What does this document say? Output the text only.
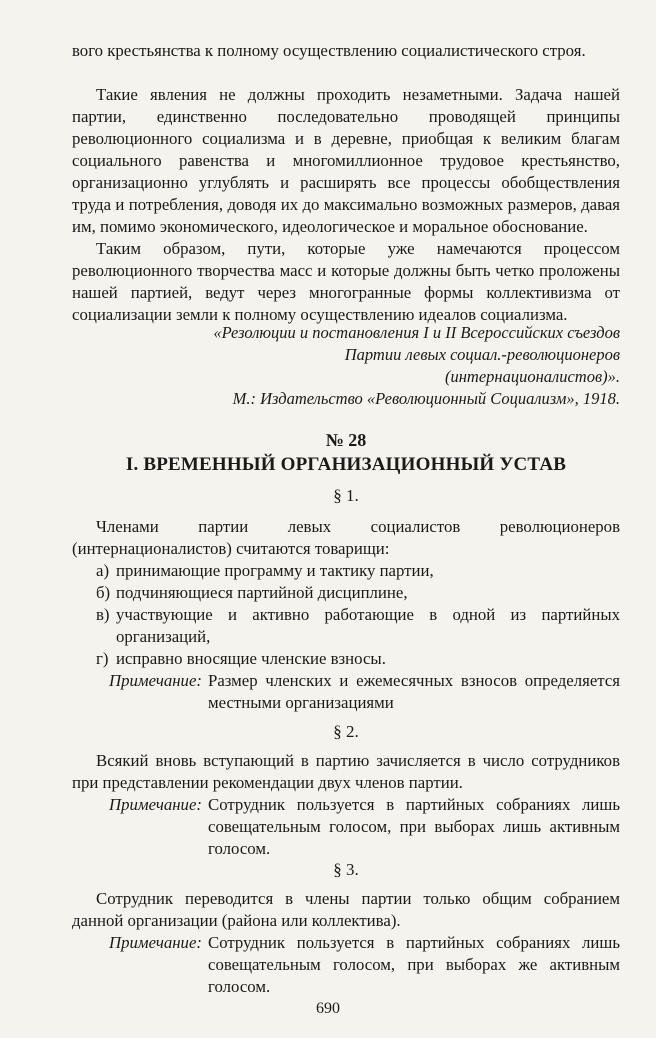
вого крестьянства к полному осуществлению социалистического строя.

Такие явления не должны проходить незаметными. Задача нашей партии, единственно последовательно проводящей принципы революционного социализма и в деревне, приобщая к великим благам социального равенства и многомиллионное трудовое крестьянство, организационно углублять и расширять все процессы обобществления труда и потребления, доводя их до максимально возможных размеров, давая им, помимо экономического, идеологическое и моральное обоснование.

Таким образом, пути, которые уже намечаются процессом революционного творчества масс и которые должны быть четко проложены нашей партией, ведут через многогранные формы коллективизма от социализации земли к полному осуществлению идеалов социализма.

«Резолюции и постановления I и II Всероссийских съездов
Партии левых социал.-революционеров
(интернационалистов)».
М.: Издательство «Революционный Социализм», 1918.
№ 28
I. ВРЕМЕННЫЙ ОРГАНИЗАЦИОННЫЙ УСТАВ
§ 1.

Членами партии левых социалистов революционеров (интернационалистов) считаются товарищи:

а) принимающие программу и тактику партии,
б) подчиняющиеся партийной дисциплине,
в) участвующие и активно работающие в одной из партийных организаций,
г) исправно вносящие членские взносы.
Примечание: Размер членских и ежемесячных взносов определяется местными организациями
§ 2.

Всякий вновь вступающий в партию зачисляется в число сотрудников при представлении рекомендации двух членов партии.

Примечание: Сотрудник пользуется в партийных собраниях лишь совещательным голосом, при выборах лишь активным голосом.
§ 3.

Сотрудник переводится в члены партии только общим собранием данной организации (района или коллектива).

Примечание: Сотрудник пользуется в партийных собраниях лишь совещательным голосом, при выборах же активным голосом.
690
